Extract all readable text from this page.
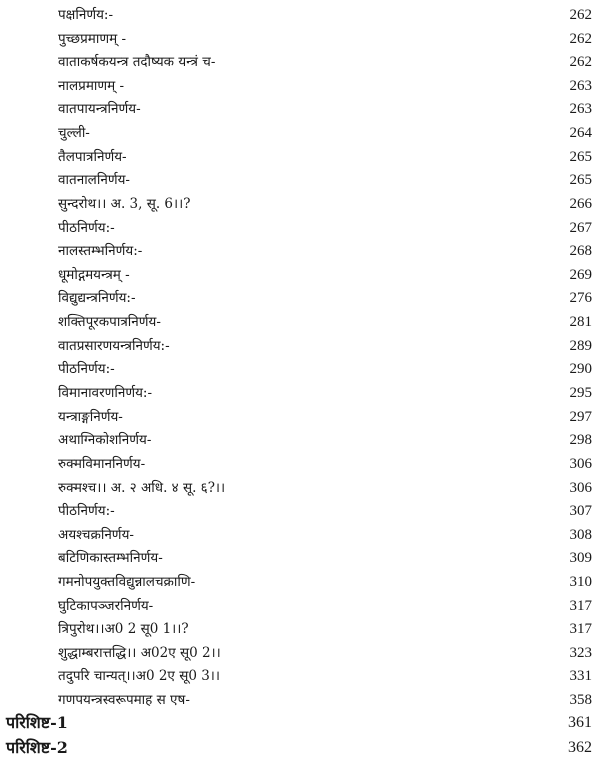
पक्षनिर्णय:-	262
पुच्छप्रमाणम् -	262
वाताकर्षकयन्त्र तदौष्यक यन्त्रं च-	262
नालप्रमाणम् -	263
वातपायन्त्रनिर्णय-	263
चुल्ली-	264
तैलपात्रनिर्णय-	265
वातनालनिर्णय-	265
सुन्दरोथ।। अ. 3, सू. 6।।?	266
पीठनिर्णय:-	267
नालस्तम्भनिर्णय:-	268
धूमोद्गमयन्त्रम् -	269
विद्युद्यन्त्रनिर्णय:-	276
शक्तिपूरकपात्रनिर्णय-	281
वातप्रसारणयन्त्रनिर्णय:-	289
पीठनिर्णय:-	290
विमानावरणनिर्णय:-	295
यन्त्राङ्गनिर्णय-	297
अथाग्निकोशनिर्णय-	298
रुक्मविमाननिर्णय-	306
रुक्मश्च।। अ. २ अधि. ४ सू. ६?।।	306
पीठनिर्णय:-	307
अयश्चक्रनिर्णय-	308
बटिणिकास्तम्भनिर्णय-	309
गमनोपयुक्तविद्युन्नालचक्राणि-	310
घुटिकापञ्जरनिर्णय-	317
त्रिपुरोथ।।अ0 2 सू0 1।।?	317
शुद्धाम्बरात्तद्धि।। अ02ए सू0 2।।	323
तदुपरि चान्यत्।।अ0 2ए सू0 3।।	331
गणपयन्त्रस्वरूपमाह स एष-	358
परिशिष्ट-1	361
परिशिष्ट-2	362
